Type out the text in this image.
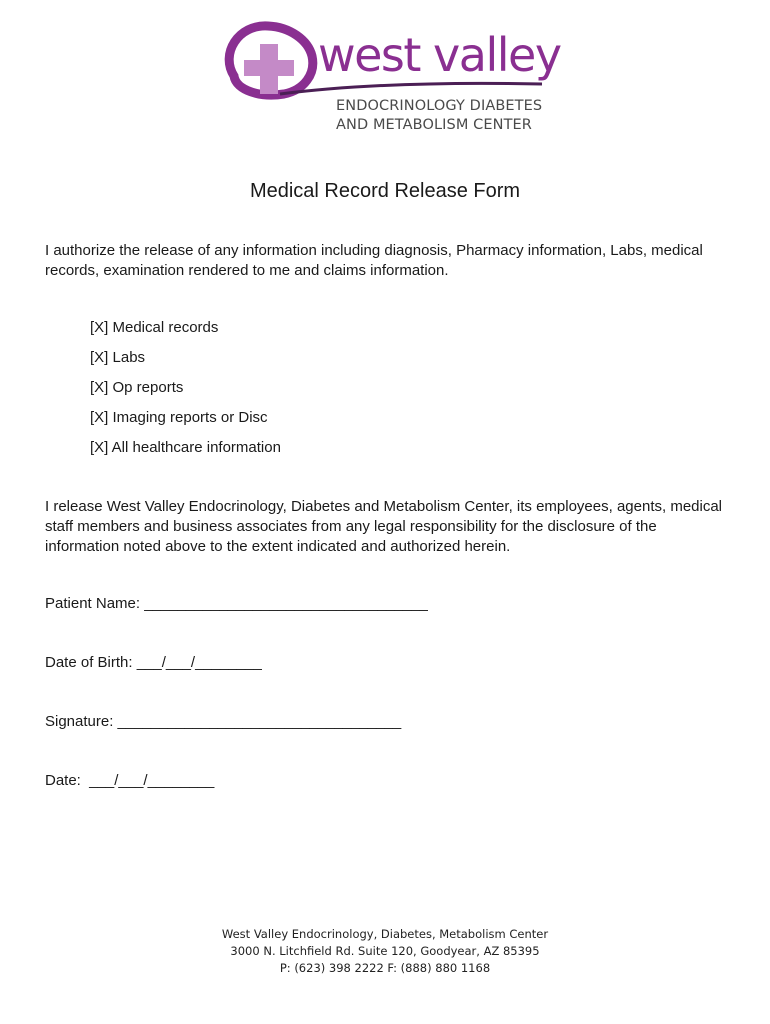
west valley
ENDOCRINOLOGY DIABETES
AND METABOLISM CENTER
Medical Record Release Form
I authorize the release of any information including diagnosis, Pharmacy information, Labs, medical records, examination rendered to me and claims information.
[X] Medical records
[X] Labs
[X] Op reports
[X] Imaging reports or Disc
[X] All healthcare information
I release West Valley Endocrinology, Diabetes and Metabolism Center, its employees, agents, medical staff members and business associates from any legal responsibility for the disclosure of the information noted above to the extent indicated and authorized herein.
Patient Name: __________________________________
Date of Birth: ___/___/________
Signature: __________________________________
Date:  ___/___/________
West Valley Endocrinology, Diabetes, Metabolism Center
3000 N. Litchfield Rd. Suite 120, Goodyear, AZ 85395
P: (623) 398 2222 F: (888) 880 1168
